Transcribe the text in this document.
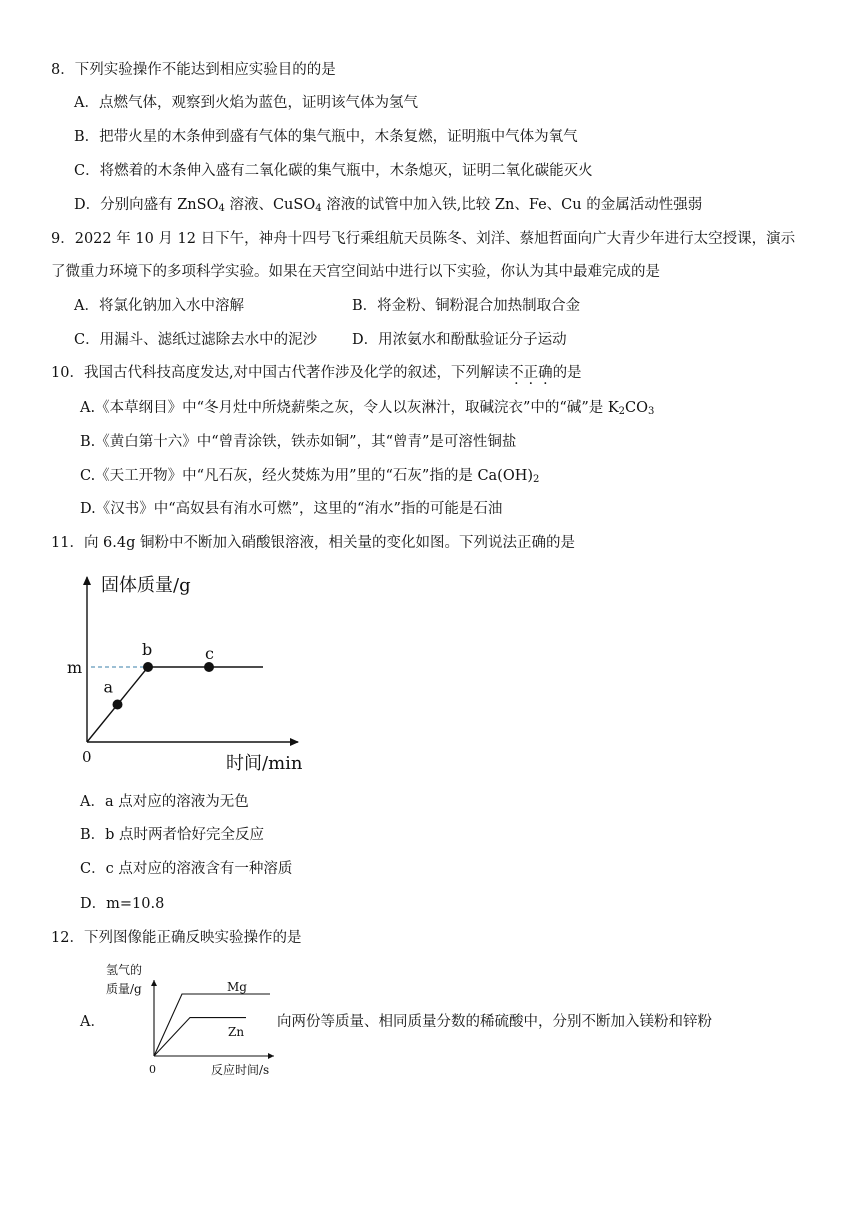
8．下列实验操作不能达到相应实验目的的是
A．点燃气体，观察到火焰为蓝色，证明该气体为氢气
B．把带火星的木条伸到盛有气体的集气瓶中，木条复燃，证明瓶中气体为氧气
C．将燃着的木条伸入盛有二氧化碳的集气瓶中，木条熄灭，证明二氧化碳能灭火
D．分别向盛有 ZnSO$_4$ 溶液、CuSO$_4$ 溶液的试管中加入铁,比较 Zn、Fe、Cu 的金属活动性强弱
9．2022 年 10 月 12 日下午，神舟十四号飞行乘组航天员陈冬、刘洋、蔡旭哲面向广大青少年进行太空授课，演示
了微重力环境下的多项科学实验。如果在天宫空间站中进行以下实验，你认为其中最难完成的是
A．将氯化钠加入水中溶解	B．将金粉、铜粉混合加热制取合金
C．用漏斗、滤纸过滤除去水中的泥沙 D．用浓氨水和酚酞验证分子运动
10．我国古代科技高度发达,对中国古代著作涉及化学的叙述，下列解读不正确的是
A.《本草纲目》中“冬月灶中所烧薪柴之灰，令人以灰淋汁，取碱浣衣”中的“碱”是 $K_2CO_3$
B.《黄白第十六》中“曾青涂铁，铁赤如铜”，其“曾青”是可溶性铜盐
C.《天工开物》中“凡石灰，经火焚炼为用”里的“石灰”指的是 $Ca(OH)_2$
D.《汉书》中“高奴县有洧水可燃”，这里的“洧水”指的可能是石油
11．向 6.4g 铜粉中不断加入硝酸银溶液，相关量的变化如图。下列说法正确的是
固体质量/g
时间/min
0
m
a
b	c
A．a 点对应的溶液为无色
B．b 点时两者恰好完全反应
C．c 点对应的溶液含有一种溶质
D．m=10.8
12．下列图像能正确反映实验操作的是
A．
氢气的
质量/g	Mg
Zn
0	反应时间/s
向两份等质量、相同质量分数的稀硫酸中，分别不断加入镁粉和锌粉
